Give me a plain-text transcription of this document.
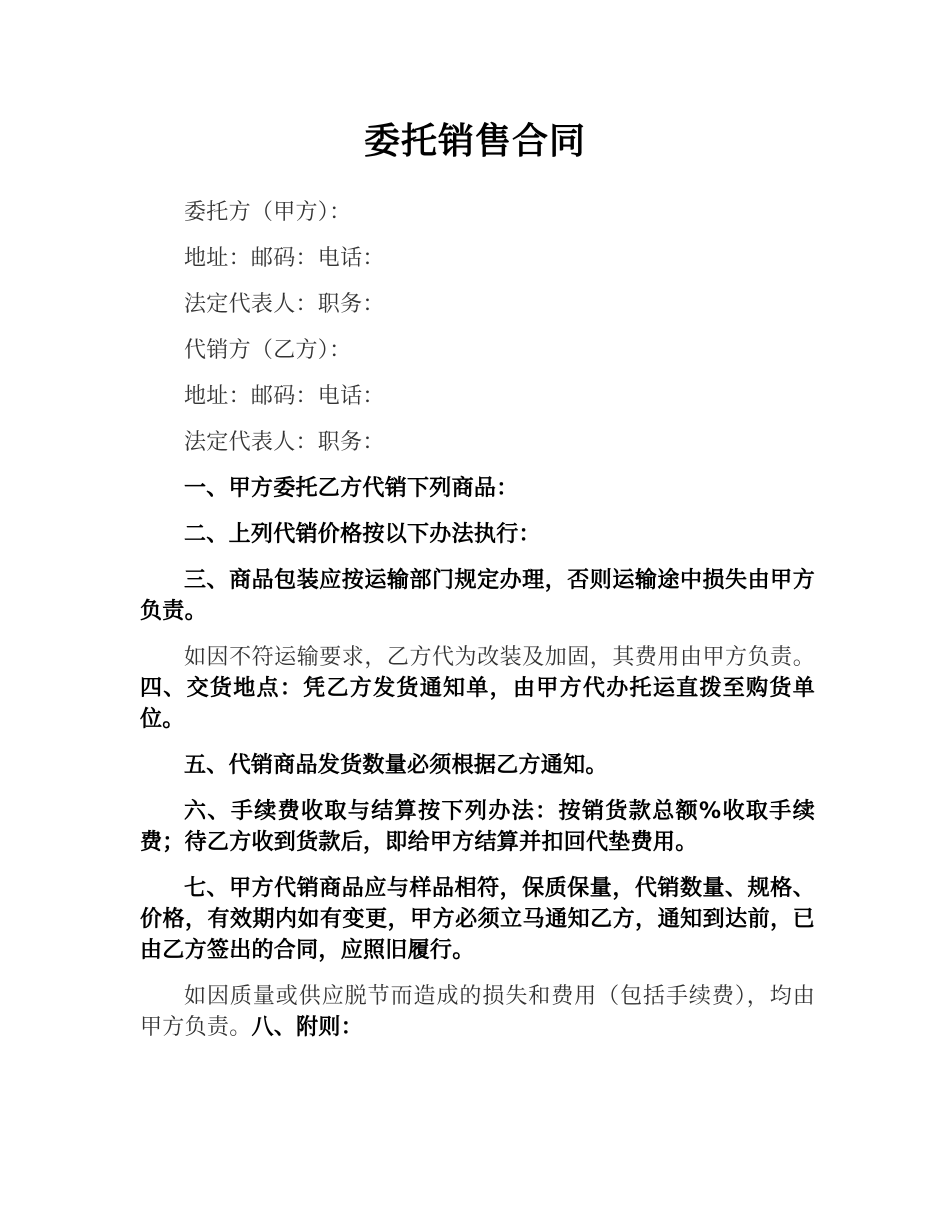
委托销售合同

委托方（甲方）：

地址：邮码：电话：

法定代表人：职务：

代销方（乙方）：

地址：邮码：电话：

法定代表人：职务：

一、甲方委托乙方代销下列商品：

二、上列代销价格按以下办法执行：

三、商品包装应按运输部门规定办理，否则运输途中损失由甲方负责。

如因不符运输要求，乙方代为改装及加固，其费用由甲方负责。四、交货地点：凭乙方发货通知单，由甲方代办托运直拨至购货单位。

五、代销商品发货数量必须根据乙方通知。

六、手续费收取与结算按下列办法：按销货款总额%收取手续费；待乙方收到货款后，即给甲方结算并扣回代垫费用。

七、甲方代销商品应与样品相符，保质保量，代销数量、规格、价格，有效期内如有变更，甲方必须立马通知乙方，通知到达前，已由乙方签出的合同，应照旧履行。

如因质量或供应脱节而造成的损失和费用（包括手续费），均由甲方负责。八、附则：
